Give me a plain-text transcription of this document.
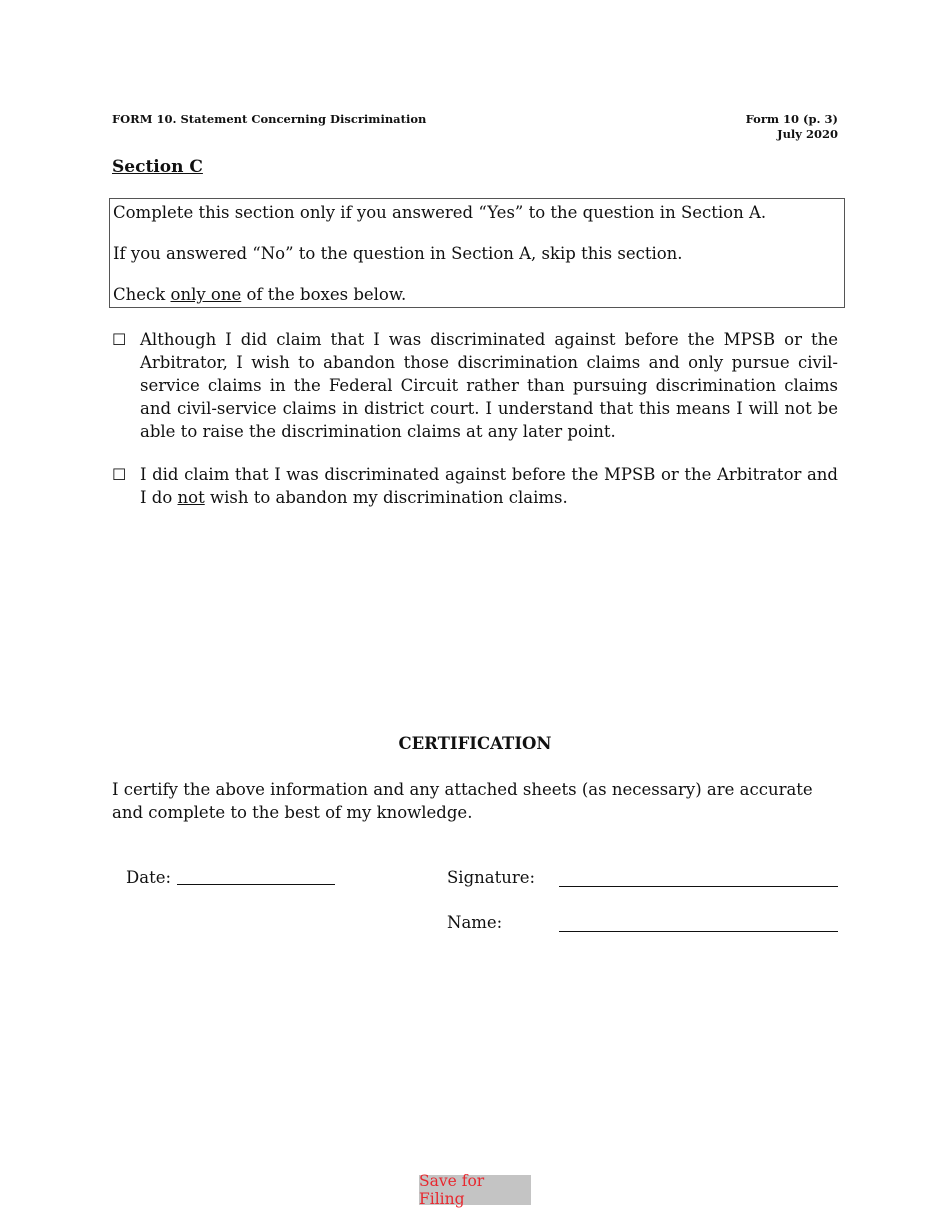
FORM 10. Statement Concerning Discrimination	Form 10 (p. 3)
July 2020
Section C
Complete this section only if you answered “Yes” to the question in Section A.
If you answered “No” to the question in Section A, skip this section.
Check only one of the boxes below.
☐ Although I did claim that I was discriminated against before the MPSB or the Arbitrator, I wish to abandon those discrimination claims and only pursue civil-service claims in the Federal Circuit rather than pursuing discrimination claims and civil-service claims in district court. I understand that this means I will not be able to raise the discrimination claims at any later point.
☐ I did claim that I was discriminated against before the MPSB or the Arbitrator and I do not wish to abandon my discrimination claims.
CERTIFICATION
I certify the above information and any attached sheets (as necessary) are accurate and complete to the best of my knowledge.
Date:	Signature:
Name:
Save for Filing
